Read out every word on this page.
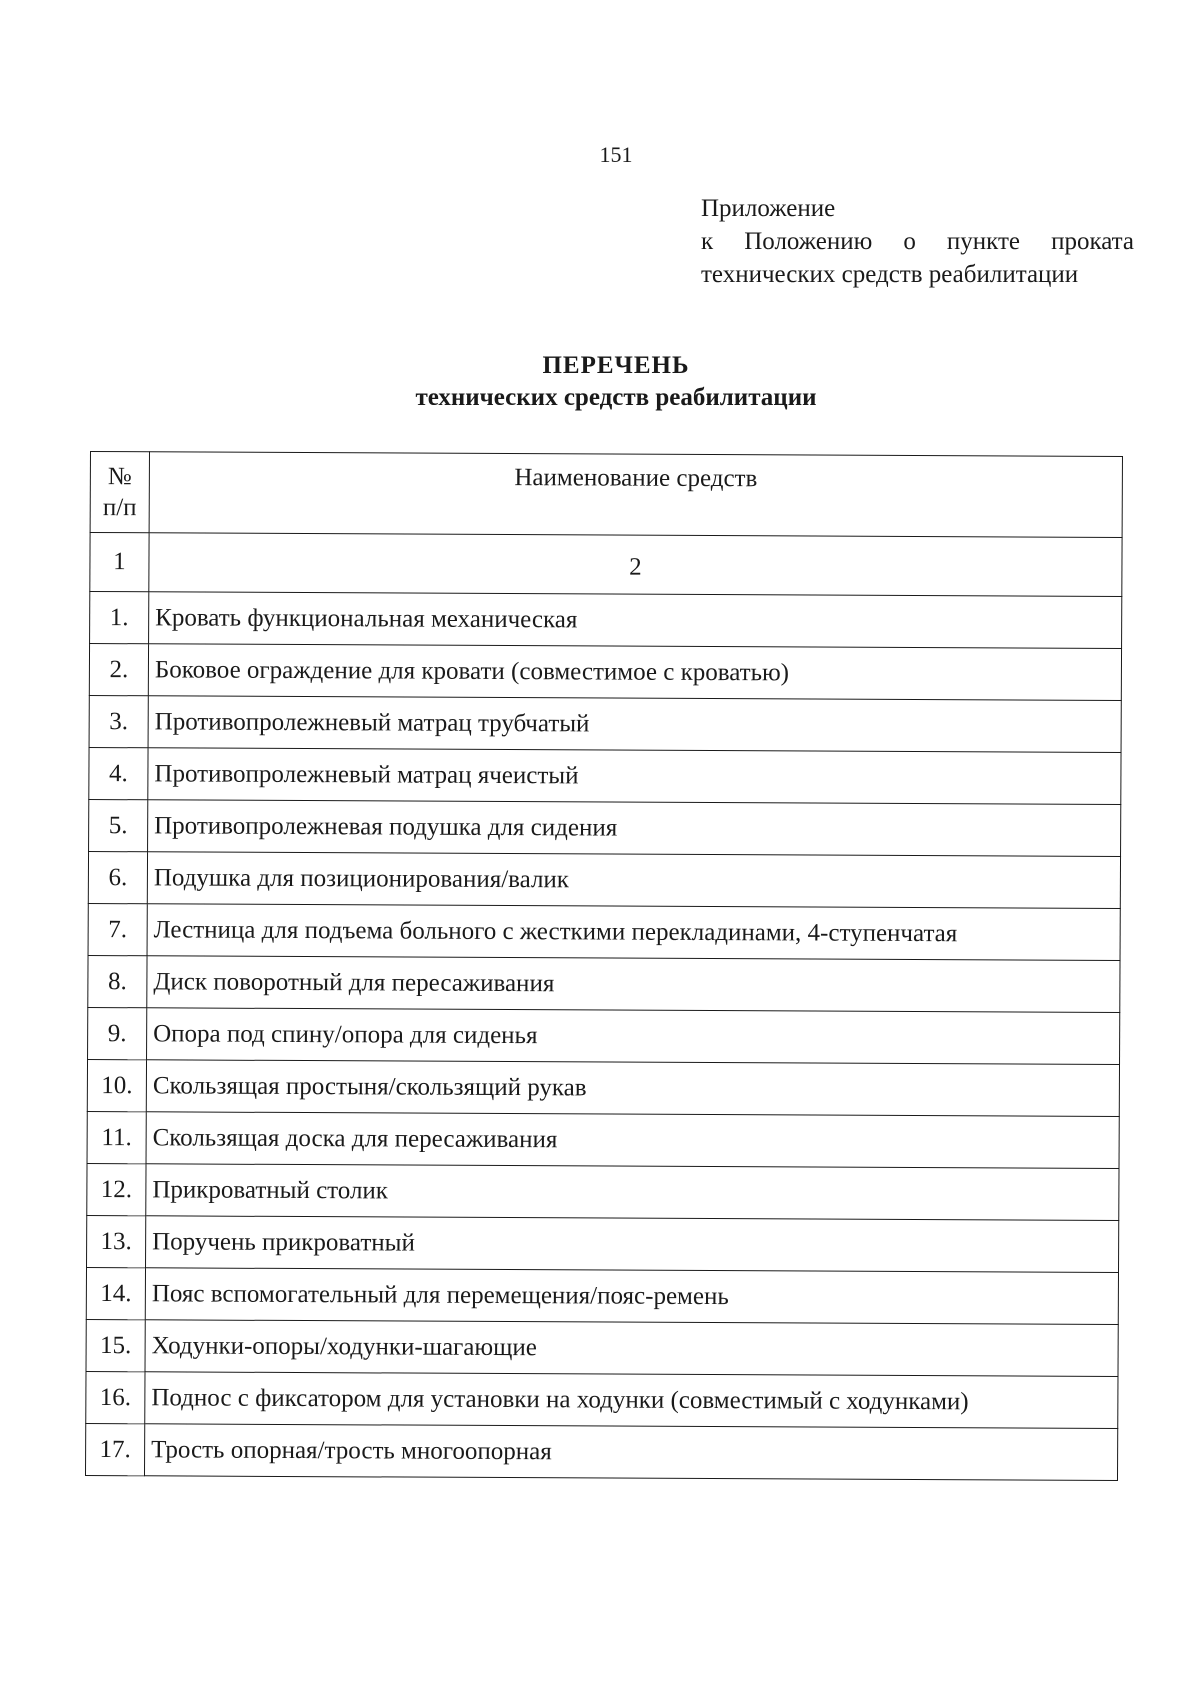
151
Приложение
к Положению о пункте проката
технических средств реабилитации
ПЕРЕЧЕНЬ
технических средств реабилитации
№
п/п	Наименование средств
1	2
1.	Кровать функциональная механическая
2.	Боковое ограждение для кровати (совместимое с кроватью)
3.	Противопролежневый матрац трубчатый
4.	Противопролежневый матрац ячеистый
5.	Противопролежневая подушка для сидения
6.	Подушка для позиционирования/валик
7.	Лестница для подъема больного с жесткими перекладинами, 4-ступенчатая
8.	Диск поворотный для пересаживания
9.	Опора под спину/опора для сиденья
10.	Скользящая простыня/скользящий рукав
11.	Скользящая доска для пересаживания
12.	Прикроватный столик
13.	Поручень прикроватный
14.	Пояс вспомогательный для перемещения/пояс-ремень
15.	Ходунки-опоры/ходунки-шагающие
16.	Поднос с фиксатором для установки на ходунки (совместимый с ходунками)
17.	Трость опорная/трость многоопорная
